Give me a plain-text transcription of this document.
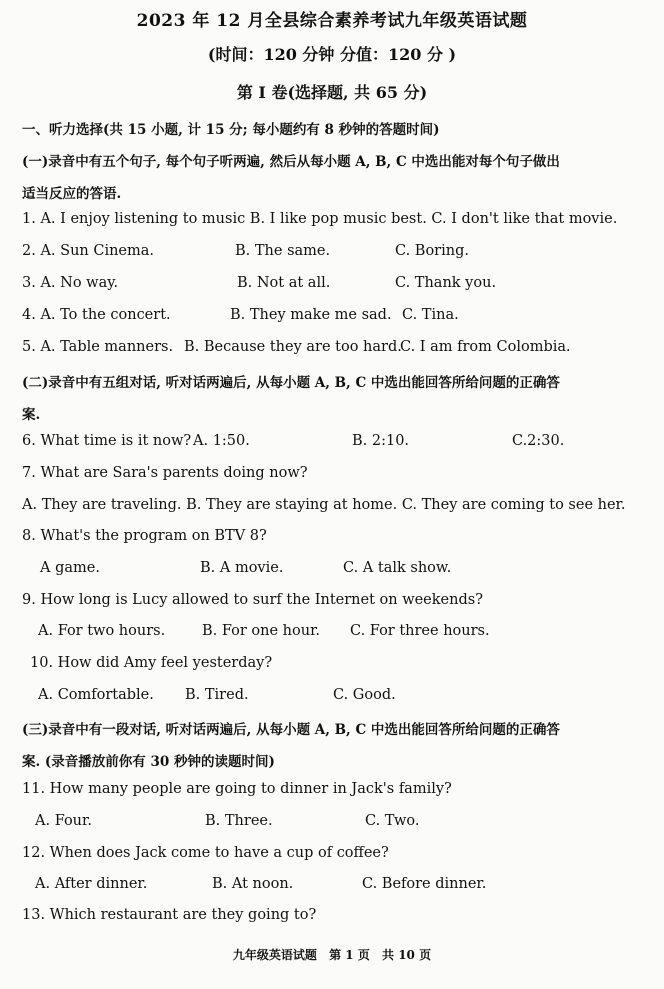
2023 年 12 月全县综合素养考试九年级英语试题
(时间：120 分钟 分值：120 分 )
第 I 卷(选择题, 共 65 分)
一、听力选择(共 15 小题, 计 15 分; 每小题约有 8 秒钟的答题时间)
(一)录音中有五个句子, 每个句子听两遍, 然后从每小题 A, B, C 中选出能对每个句子做出
适当反应的答语.
1. A. I enjoy listening to music B. I like pop music best. C. I don't like that movie.
2. A. Sun Cinema.	B. The same.	C. Boring.
3. A. No way.	B. Not at all.	C. Thank you.
4. A. To the concert.	B. They make me sad. C. Tina.
5. A. Table manners. B. Because they are too hard.
C. I am from Colombia.
(二)录音中有五组对话, 听对话两遍后, 从每小题 A, B, C 中选出能回答所给问题的正确答
案.
6. What time is it now? A. 1:50.	B. 2:10.	C.2:30.
7. What are Sara's parents doing now?
A. They are traveling. B. They are staying at home. C. They are coming to see her.
8. What's the program on BTV 8?
A game.	B. A movie.	C. A talk show.
9. How long is Lucy allowed to surf the Internet on weekends?
A. For two hours.	B. For one hour. C. For three hours.
10. How did Amy feel yesterday?
A. Comfortable. B. Tired.	C. Good.
(三)录音中有一段对话, 听对话两遍后, 从每小题 A, B, C 中选出能回答所给问题的正确答
案. (录音播放前你有 30 秒钟的读题时间)
11. How many people are going to dinner in Jack's family?
A. Four.	B. Three.	C. Two.
12. When does Jack come to have a cup of coffee?
A. After dinner.	B. At noon.	C. Before dinner.
13. Which restaurant are they going to?
九年级英语试题 第 1 页 共 10 页
